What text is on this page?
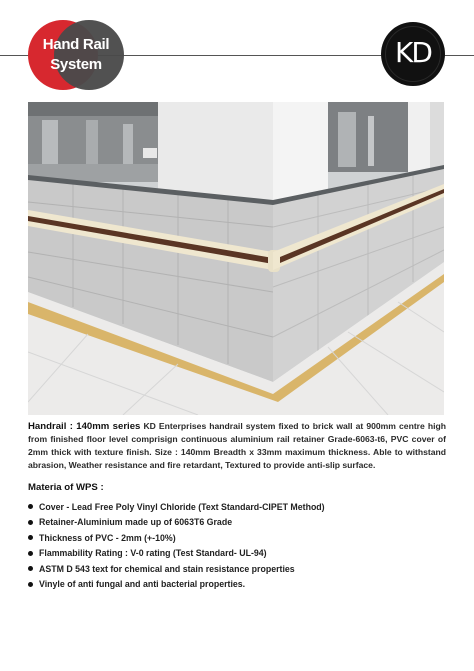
Hand Rail
System	KD

Handrail : 140mm series KD Enterprises handrail system fixed to brick wall at 900mm centre high from finished floor level comprisign continuous aluminium rail retainer Grade-6063-t6, PVC cover of 2mm thick with texture finish. Size : 140mm Breadth x 33mm maximum thickness. Able to withstand abrasion, Weather resistance and fire retardant, Textured to provide anti-slip surface.

Materia of WPS :
Cover - Lead Free Poly Vinyl Chloride (Text Standard-CIPET Method)
Retainer-Aluminium made up of 6063T6 Grade
Thickness of PVC - 2mm (+-10%)
Flammability Rating : V-0 rating (Test Standard- UL-94)
ASTM D 543 text for chemical and stain resistance properties
Vinyle of anti fungal and anti bacterial properties.
